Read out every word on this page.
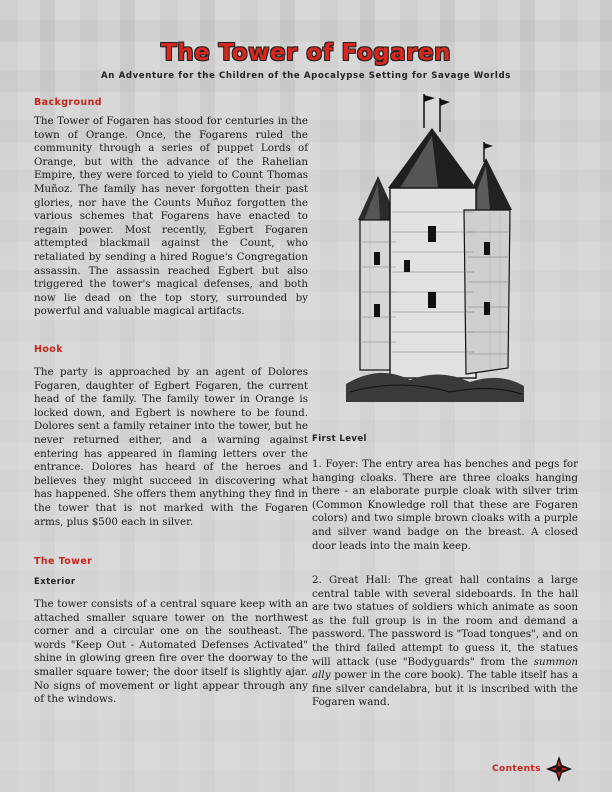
The Tower of Fogaren
An Adventure for the Children of the Apocalypse Setting for Savage Worlds
Background
The Tower of Fogaren has stood for centuries in the town of Orange. Once, the Fogarens ruled the community through a series of puppet Lords of Orange, but with the advance of the Rahelian Empire, they were forced to yield to Count Thomas Muñoz. The family has never forgotten their past glories, nor have the Counts Muñoz forgotten the various schemes that Fogarens have enacted to regain power. Most recently, Egbert Fogaren attempted blackmail against the Count, who retaliated by sending a hired Rogue's Congregation assassin. The assassin reached Egbert but also triggered the tower's magical defenses, and both now lie dead on the top story, surrounded by powerful and valuable magical artifacts.
Hook
The party is approached by an agent of Dolores Fogaren, daughter of Egbert Fogaren, the current head of the family. The family tower in Orange is locked down, and Egbert is nowhere to be found. Dolores sent a family retainer into the tower, but he never returned either, and a warning against entering has appeared in flaming letters over the entrance. Dolores has heard of the heroes and believes they might succeed in discovering what has happened. She offers them anything they find in the tower that is not marked with the Fogaren arms, plus $500 each in silver.
The Tower
Exterior
The tower consists of a central square keep with an attached smaller square tower on the northwest corner and a circular one on the southeast. The words "Keep Out - Automated Defenses Activated" shine in glowing green fire over the doorway to the smaller square tower; the door itself is slightly ajar. No signs of movement or light appear through any of the windows.
First Level
1. Foyer: The entry area has benches and pegs for hanging cloaks. There are three cloaks hanging there - an elaborate purple cloak with silver trim (Common Knowledge roll that these are Fogaren colors) and two simple brown cloaks with a purple and silver wand badge on the breast. A closed door leads into the main keep.
2. Great Hall: The great hall contains a large central table with several sideboards. In the hall are two statues of soldiers which animate as soon as the full group is in the room and demand a password. The password is "Toad tongues", and on the third failed attempt to guess it, the statues will attack (use "Bodyguards" from the summon ally power in the core book). The table itself has a fine silver candelabra, but it is inscribed with the Fogaren wand.
Contents
